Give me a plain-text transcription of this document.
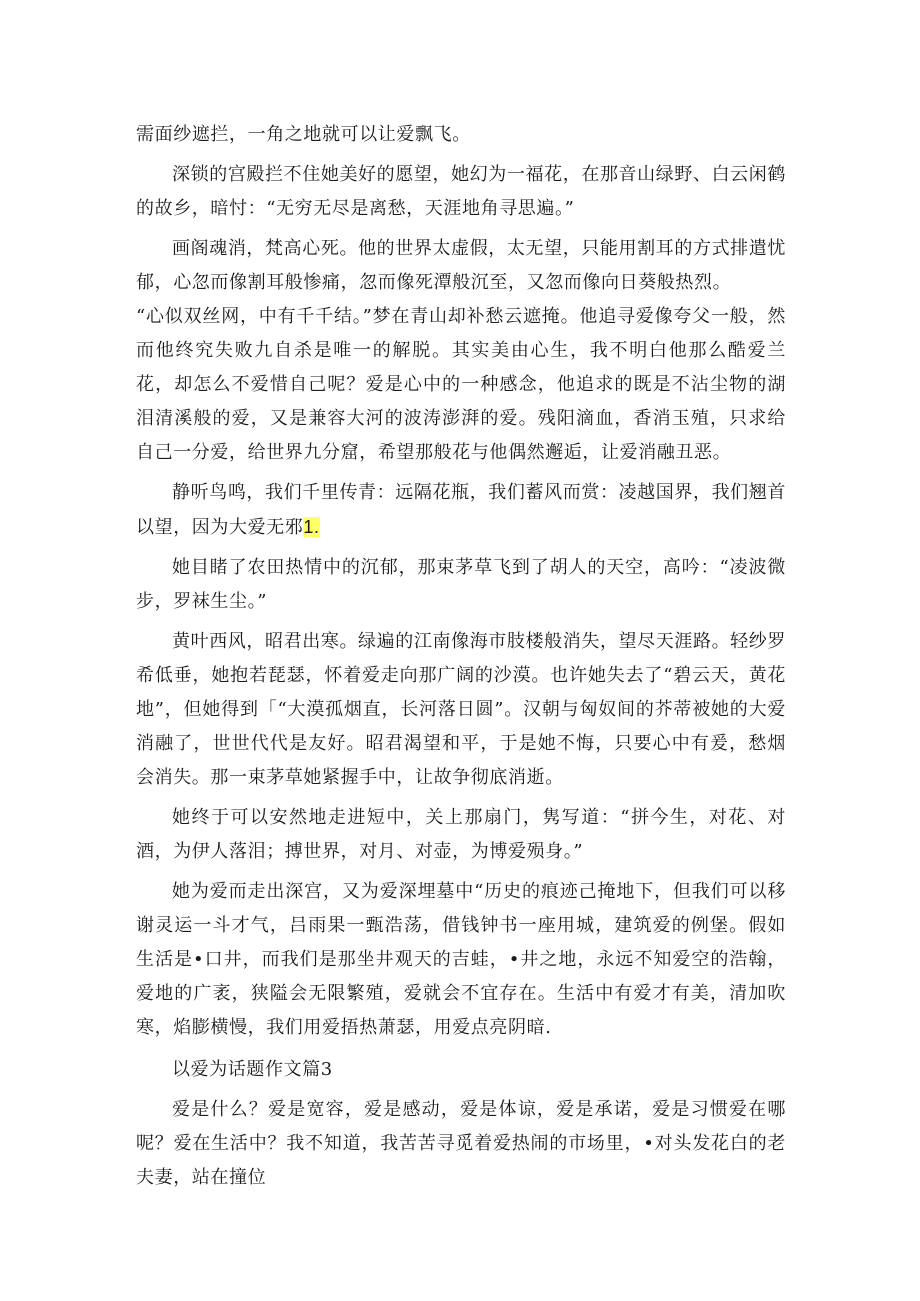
需面纱遮拦，一角之地就可以让爱飘飞。

深锁的宫殿拦不住她美好的愿望，她幻为一福花，在那音山绿野、白云闲鹤的故乡，暗忖：“无穷无尽是离愁，天涯地角寻思遍。”

画阁魂消，梵高心死。他的世界太虚假，太无望，只能用割耳的方式排遣忧郁，心忽而像割耳般惨痛，忽而像死潭般沉至，又忽而像向日葵般热烈。

“心似双丝网，中有千千结。”梦在青山却补愁云遮掩。他追寻爱像夸父一般，然而他终究失败九自杀是唯一的解脱。其实美由心生，我不明白他那么酷爱兰花，却怎么不爱惜自己呢？爱是心中的一种感念，他追求的既是不沾尘物的湖泪清溪般的爱，又是兼容大河的波涛澎湃的爱。残阳滴血，香消玉殖，只求给自己一分爱，给世界九分窟，希望那般花与他偶然邂逅，让爱消融丑恶。

静听鸟鸣，我们千里传青：远隔花瓶，我们蓄风而赏：凌越国界，我们翘首以望，因为大爱无邪1.

她目睹了农田热情中的沉郁，那束茅草飞到了胡人的天空，高吟：“凌波微步，罗袜生尘。”

黄叶西风，昭君出寒。绿遍的江南像海市肢楼般消失，望尽天涯路。轻纱罗希低垂，她抱若琵瑟，怀着爱走向那广阔的沙漠。也许她失去了“碧云天，黄花地”，但她得到「“大漠孤烟直，长河落日圆”。汉朝与匈奴间的芥蒂被她的大爱消融了，世世代代是友好。昭君渴望和平，于是她不悔，只要心中有爰，愁烟会消失。那一束茅草她紧握手中，让故争彻底消逝。

她终于可以安然地走进短中，关上那扇门，隽写道：“拼今生，对花、对酒，为伊人落泪；搏世界，对月、对壶，为博爱殒身。”

她为爱而走出深宫，又为爱深埋墓中“历史的痕迹己掩地下，但我们可以移谢灵运一斗才气，吕雨果一甄浩荡，借钱钟书一座用城，建筑爱的例堡。假如生活是•口井，而我们是那坐井观天的吉蛙，•井之地，永远不知爱空的浩翰，爱地的广袤，狭隘会无限繁殖，爱就会不宜存在。生活中有爱才有美，清加吹寒，焰膨横慢，我们用爱捂热萧瑟，用爱点亮阴暗.

以爱为话题作文篇3

爱是什么？爱是宽容，爱是感动，爱是体谅，爱是承诺，爱是习惯爱在哪呢？爱在生活中？我不知道，我苦苦寻觅着爱热闹的市场里，•对头发花白的老夫妻，站在撞位
